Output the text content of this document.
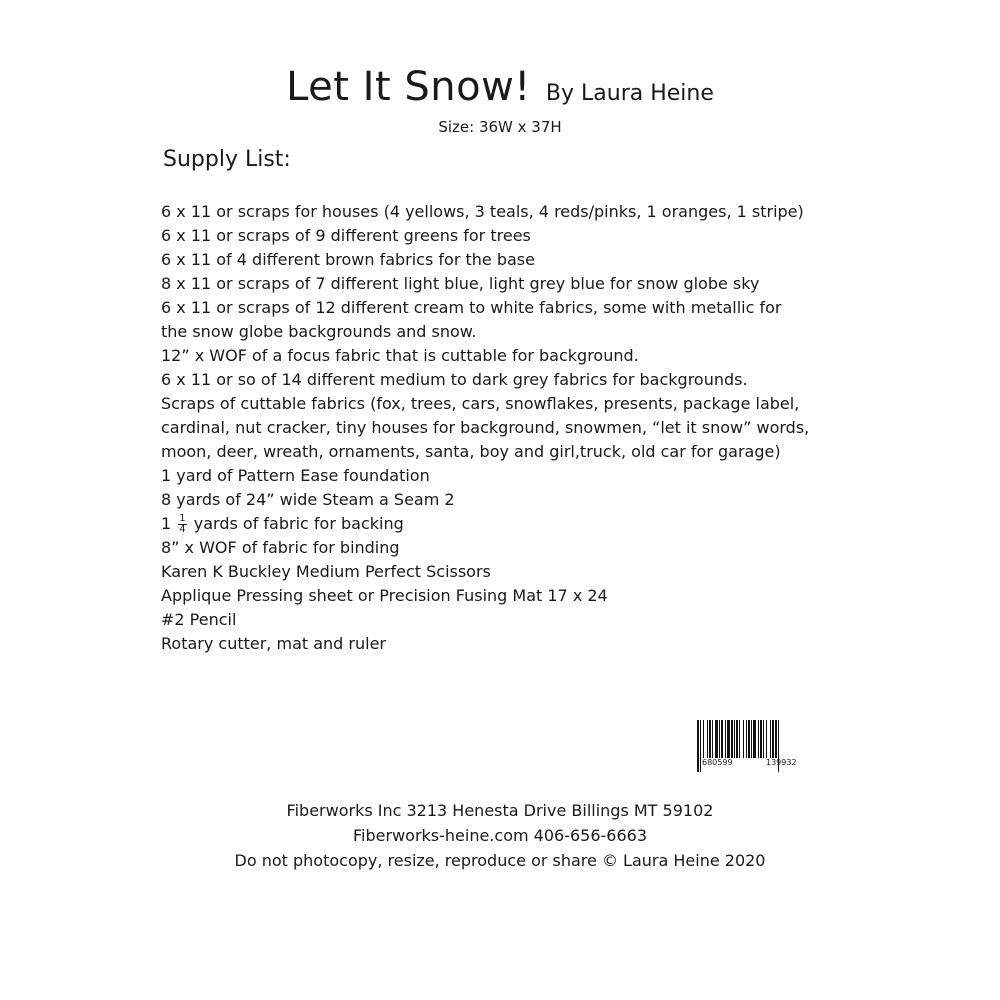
Let It Snow! By Laura Heine
Size: 36W x 37H
Supply List:
6 x 11 or scraps for houses (4 yellows, 3 teals, 4 reds/pinks, 1 oranges, 1 stripe)
6 x 11 or scraps of 9 different greens for trees
6 x 11 of 4 different brown fabrics for the base
8 x 11 or scraps of 7 different light blue, light grey blue for snow globe sky
6 x 11 or scraps of 12 different cream to white fabrics, some with metallic for
the snow globe backgrounds and snow.
12” x WOF of a focus fabric that is cuttable for background.
6 x 11 or so of 14 different medium to dark grey fabrics for backgrounds.
Scraps of cuttable fabrics (fox, trees, cars, snowflakes, presents, package label,
cardinal, nut cracker, tiny houses for background, snowmen, “let it snow” words,
moon, deer, wreath, ornaments, santa, boy and girl,truck, old car for garage)
1 yard of Pattern Ease foundation
8 yards of 24” wide Steam a Seam 2
$1 \frac{1}{4}$ yards of fabric for backing
8” x WOF of fabric for binding
Karen K Buckley Medium Perfect Scissors
Applique Pressing sheet or Precision Fusing Mat 17 x 24
#2 Pencil
Rotary cutter, mat and ruler
680599	139932
Fiberworks Inc 3213 Henesta Drive Billings MT 59102
Fiberworks-heine.com 406-656-6663
Do not photocopy, resize, reproduce or share © Laura Heine 2020
